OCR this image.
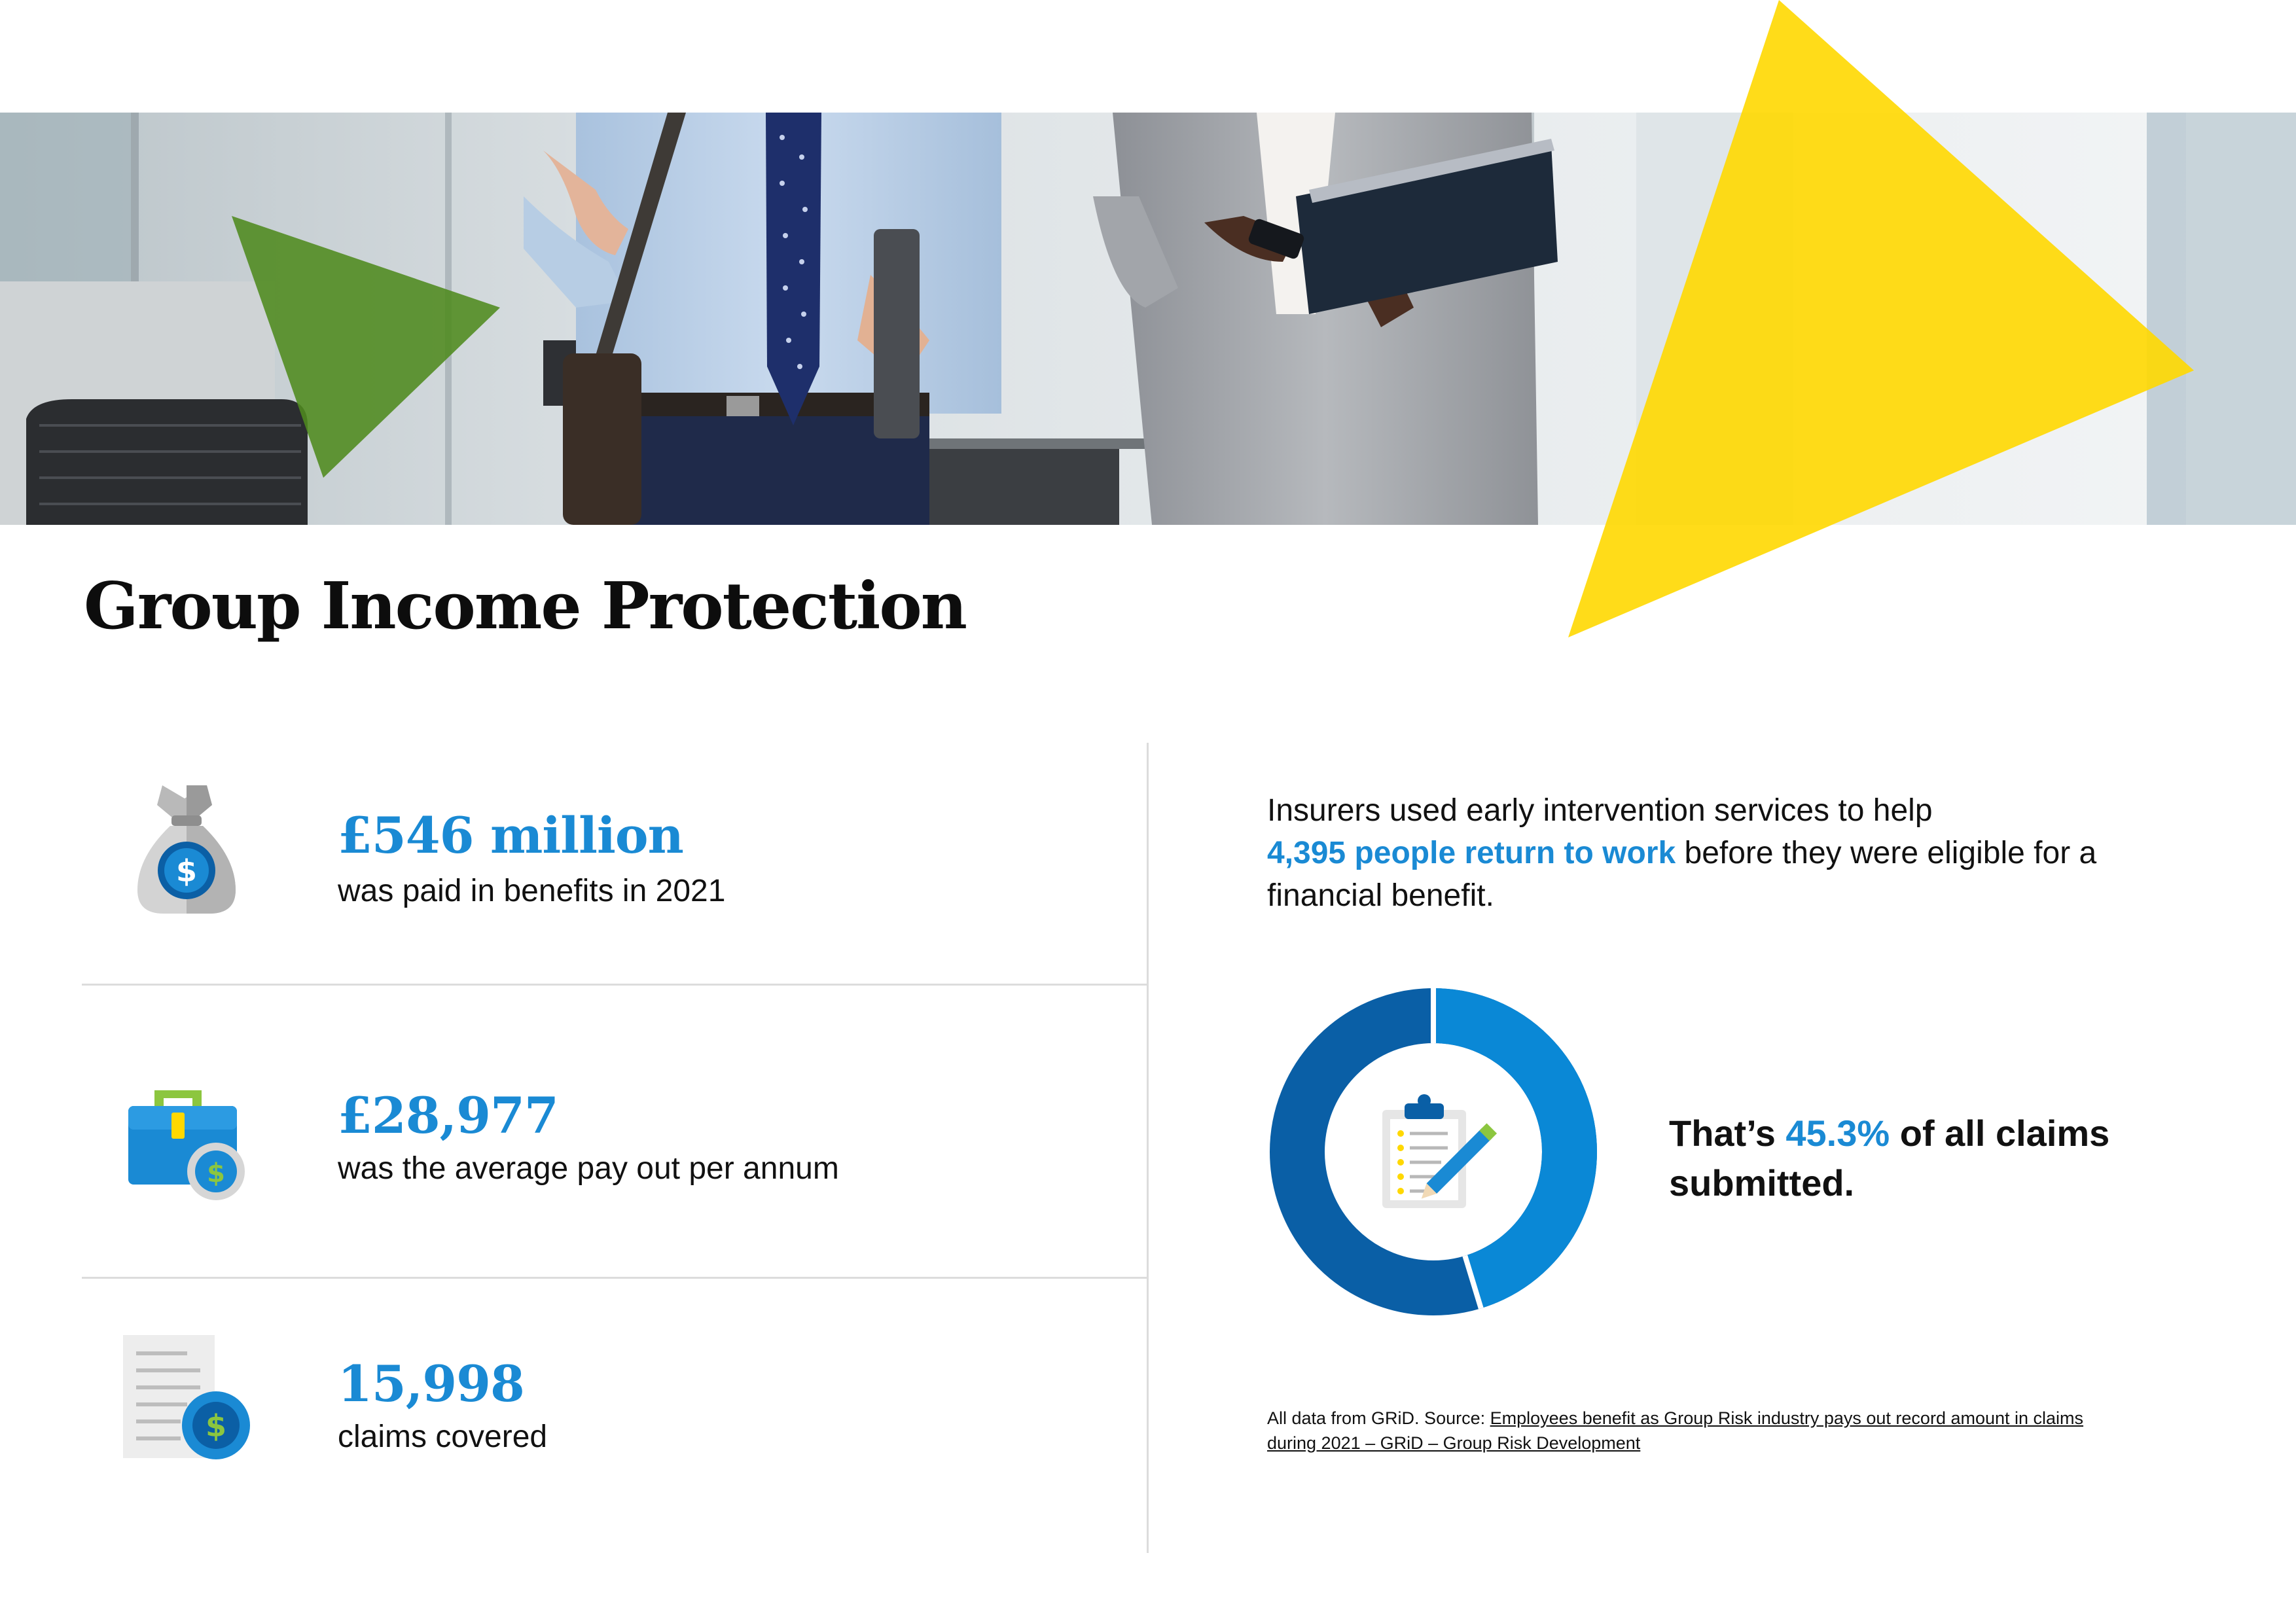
Group Income Protection
$
£546 million
was paid in benefits in 2021
$
£28,977
was the average pay out per annum
$
15,998
claims covered

Insurers used early intervention services to help
4,395 people return to work before they were eligible for a financial benefit.

That’s 45.3% of all claims submitted.

All data from GRiD. Source: Employees benefit as Group Risk industry pays out record amount in claims during 2021 – GRiD – Group Risk Development
